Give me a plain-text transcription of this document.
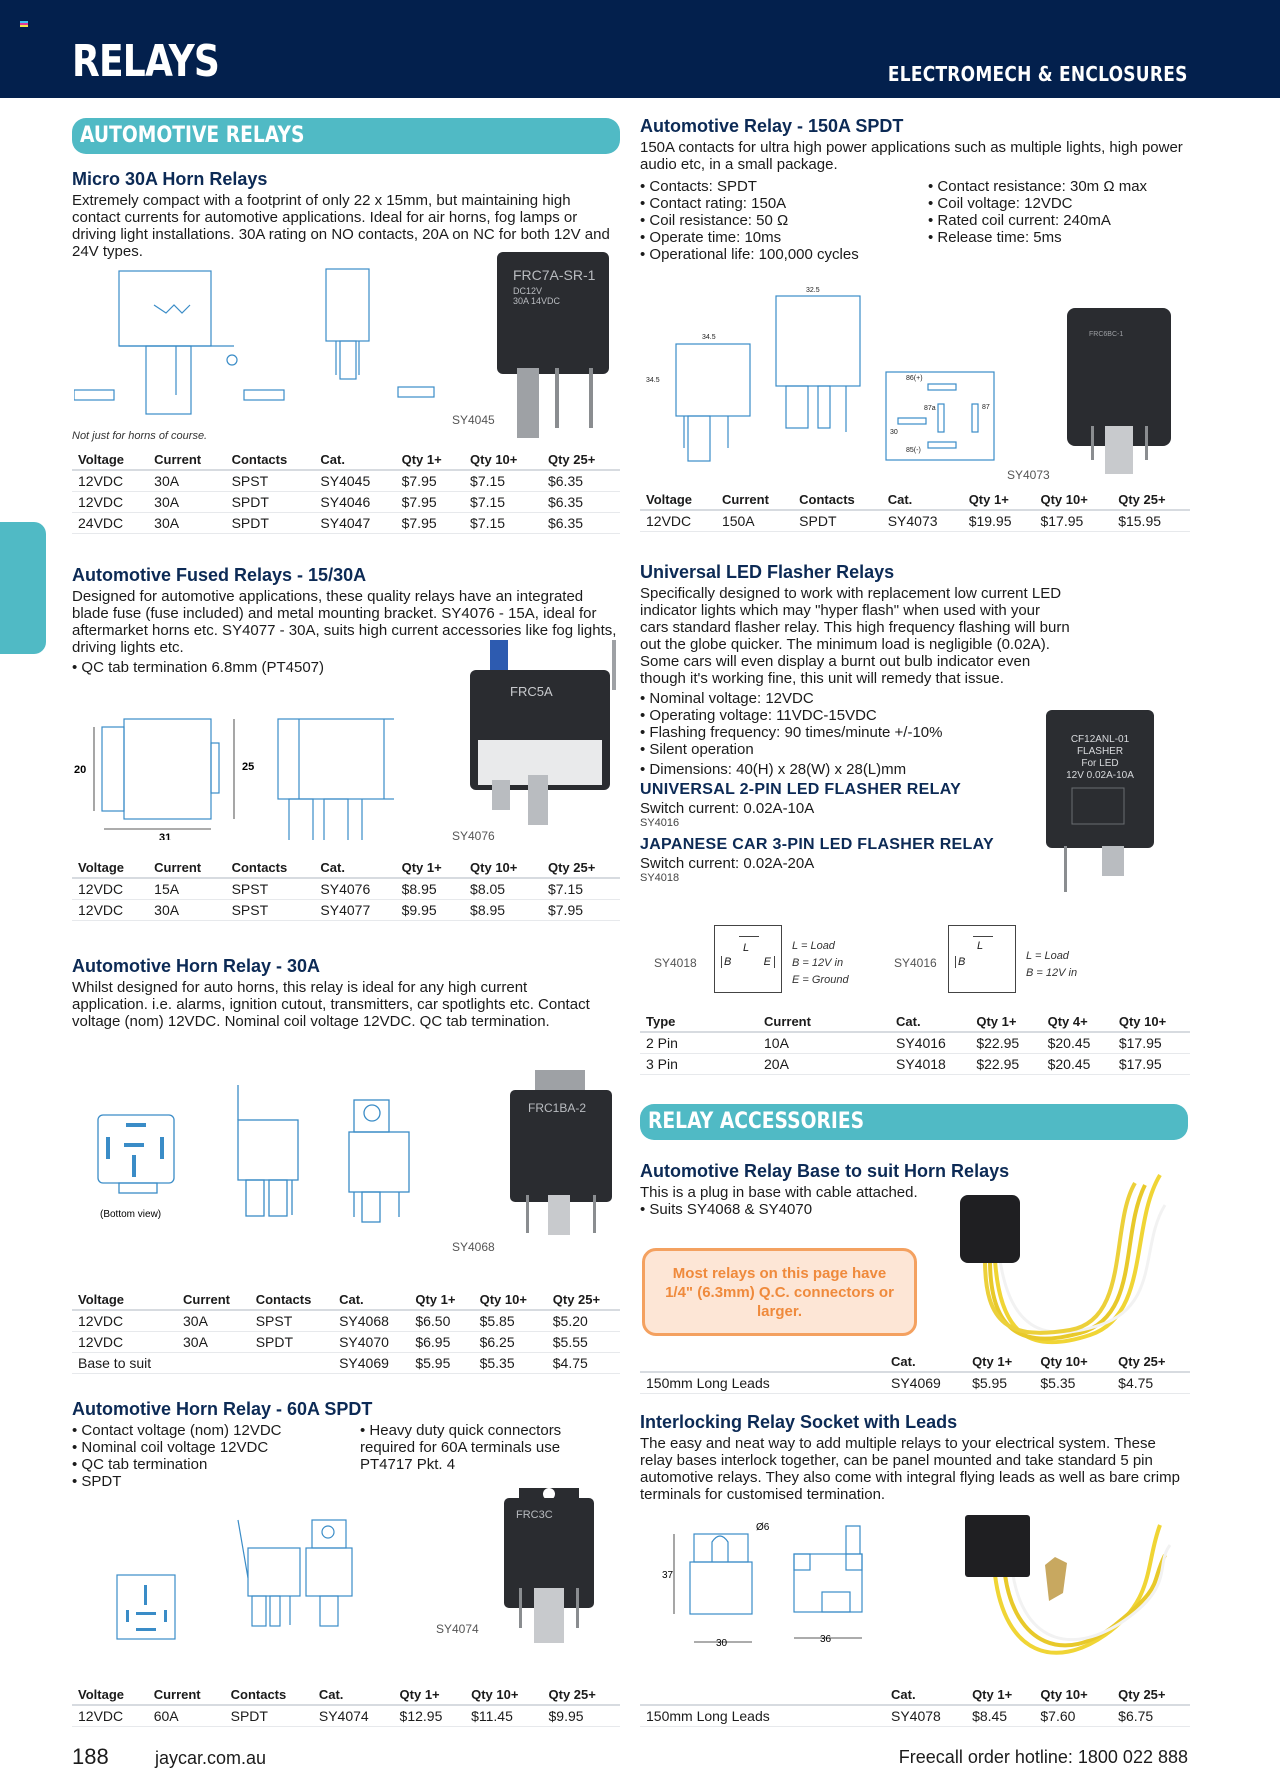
RELAYS	ELECTROMECH & ENCLOSURES
AUTOMOTIVE RELAYS
Micro 30A Horn Relays
Extremely compact with a footprint of only 22 x 15mm, but maintaining high contact currents for automotive applications. Ideal for air horns, fog lamps or driving light installations. 30A rating on NO contacts, 20A on NC for both 12V and 24V types.
FRC7A-SR-1
DC12V
30A 14VDC
SY4045
Not just for horns of course.
Voltage	Current	Contacts	Cat.	Qty 1+	Qty 10+	Qty 25+
12VDC	30A	SPST	SY4045	$7.95	$7.15	$6.35
12VDC	30A	SPDT	SY4046	$7.95	$7.15	$6.35
24VDC	30A	SPDT	SY4047	$7.95	$7.15	$6.35
Automotive Fused Relays - 15/30A
Designed for automotive applications, these quality relays have an integrated blade fuse (fuse included) and metal mounting bracket. SY4076 - 15A, ideal for aftermarket horns etc. SY4077 - 30A, suits high current accessories like fog lights, driving lights etc.
• QC tab termination 6.8mm (PT4507)
20	25
31
FRC5A
SY4076
Voltage	Current	Contacts	Cat.	Qty 1+	Qty 10+	Qty 25+
12VDC	15A	SPST	SY4076	$8.95	$8.05	$7.15
12VDC	30A	SPST	SY4077	$9.95	$8.95	$7.95
Automotive Horn Relay - 30A
Whilst designed for auto horns, this relay is ideal for any high current application. i.e. alarms, ignition cutout, transmitters, car spotlights etc. Contact voltage (nom) 12VDC. Nominal coil voltage 12VDC. QC tab termination.
(Bottom view)
FRC1BA-2
SY4068
Voltage	Current	Contacts	Cat.	Qty 1+	Qty 10+	Qty 25+
12VDC	30A	SPST	SY4068	$6.50	$5.85	$5.20
12VDC	30A	SPDT	SY4070	$6.95	$6.25	$5.55
Base to suit			SY4069	$5.95	$5.35	$4.75
Automotive Horn Relay - 60A SPDT
• Contact voltage (nom) 12VDC
• Nominal coil voltage 12VDC
• QC tab termination
• SPDT
• Heavy duty quick connectors required for 60A terminals use PT4717 Pkt. 4
FRC3C
SY4074
Voltage	Current	Contacts	Cat.	Qty 1+	Qty 10+	Qty 25+
12VDC	60A	SPDT	SY4074	$12.95	$11.45	$9.95
Automotive Relay - 150A SPDT
150A contacts for ultra high power applications such as multiple lights, high power audio etc, in a small package.
• Contacts: SPDT
• Contact rating: 150A
• Coil resistance: 50 Ω
• Operate time: 10ms
• Operational life: 100,000 cycles
• Contact resistance: 30m Ω max
• Coil voltage: 12VDC
• Rated coil current: 240mA
• Release time: 5ms
34.5
32.5
34.5	86(+)
87a	87
30
85(-)
FRC6BC-1
SY4073
Voltage	Current	Contacts	Cat.	Qty 1+	Qty 10+	Qty 25+
12VDC	150A	SPDT	SY4073	$19.95	$17.95	$15.95
Universal LED Flasher Relays
Specifically designed to work with replacement low current LED indicator lights which may "hyper flash" when used with your cars standard flasher relay. This high frequency flashing will burn out the globe quicker. The minimum load is negligible (0.02A). Some cars will even display a burnt out bulb indicator even though it's working fine, this unit will remedy that issue.
• Nominal voltage: 12VDC
• Operating voltage: 11VDC-15VDC
• Flashing frequency: 90 times/minute +/-10%
• Silent operation
• Dimensions: 40(H) x 28(W) x 28(L)mm
UNIVERSAL 2-PIN LED FLASHER RELAY
Switch current: 0.02A-10A
SY4016
JAPANESE CAR 3-PIN LED FLASHER RELAY
Switch current: 0.02A-20A
SY4018
CF12ANL-01
FLASHER
For LED
12V 0.02A-10A
SY4018
L
B	E
L = Load
B = 12V in
E = Ground
SY4016
L
B	L = Load
B = 12V in
Type	Current	Cat.	Qty 1+	Qty 4+	Qty 10+
2 Pin	10A	SY4016	$22.95	$20.45	$17.95
3 Pin	20A	SY4018	$22.95	$20.45	$17.95
RELAY ACCESSORIES
Automotive Relay Base to suit Horn Relays
This is a plug in base with cable attached.
• Suits SY4068 & SY4070
Most relays on this page have 1/4" (6.3mm) Q.C. connectors or larger.
	Cat.	Qty 1+	Qty 10+	Qty 25+
150mm Long Leads	SY4069	$5.95	$5.35	$4.75
Interlocking Relay Socket with Leads
The easy and neat way to add multiple relays to your electrical system. These relay bases interlock together, can be panel mounted and take standard 5 pin automotive relays. They also come with integral flying leads as well as bare crimp terminals for customised termination.
Ø6
37
30	36
	Cat.	Qty 1+	Qty 10+	Qty 25+
150mm Long Leads	SY4078	$8.45	$7.60	$6.75
188	jaycar.com.au	Freecall order hotline: 1800 022 888
